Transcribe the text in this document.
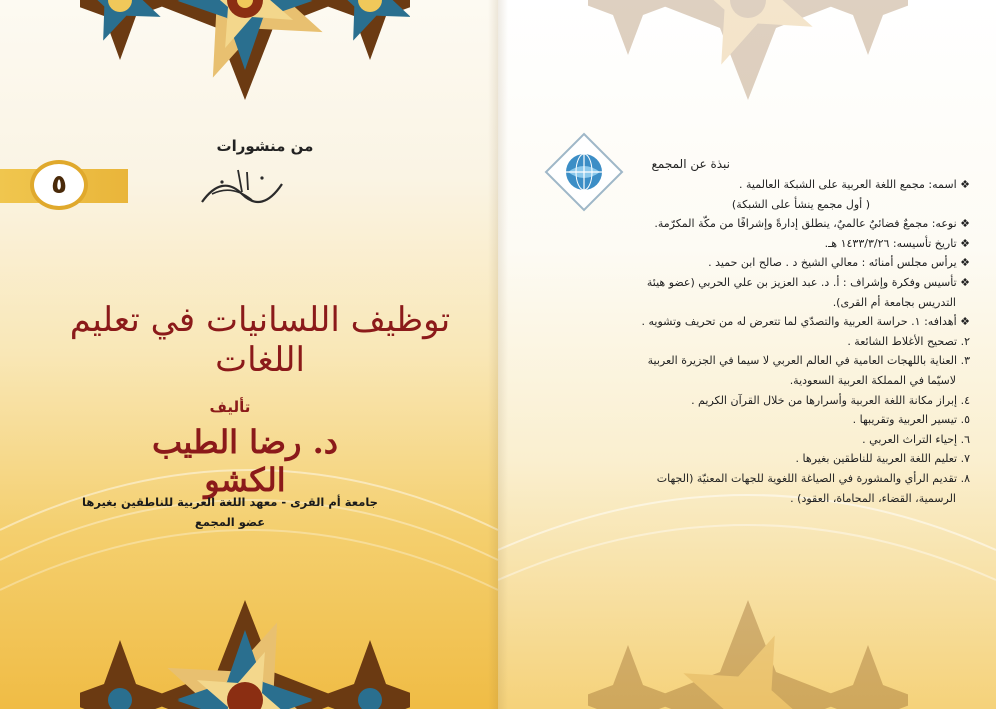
من منشورات
٥
توظيف اللسانيات في تعليم اللغات
تأليف
د. رضا الطيب الكشو
جامعة أم القرى - معهد اللغة العربية للناطقين بغيرها
عضو المجمع
نبذة عن المجمع
❖ اسمه: مجمع اللغة العربية على الشبكة العالمية .
( أول مجمع ينشأ على الشبكة)
❖ نوعه: مجمعٌ فضائيٌ عالميٌ، ينطلق إدارةً وإشرافًا من مكّة المكرّمة.
❖ تاريخ تأسيسه: ١٤٣٣/٣/٢٦ هـ.
❖ يرأس مجلس أمنائه : معالي الشيخ د . صالح ابن حميد .
❖ تأسيس وفكرة وإشراف : أ. د. عبد العزيز بن علي الحربي (عضو هيئة
التدريس بجامعة أم القرى).
❖ أهدافه: ١. حراسة العربية والتصدّي لما تتعرض له من تحريف وتشويه .
٢. تصحيح الأغلاط الشائعة .
٣. العناية باللهجات العامية في العالم العربي لا سيما في الجزيرة العربية
لاسيّما في المملكة العربية السعودية.
٤. إبراز مكانة اللغة العربية وأسرارها من خلال القرآن الكريم .
٥. تيسير العربية وتقريبها .
٦. إحياء التراث العربي .
٧. تعليم اللغة العربية للناطقين بغيرها .
٨. تقديم الرأي والمشورة في الصياغة اللغوية للجهات المعنيّة (الجهات
الرسمية، القضاء، المحاماة، العقود) .
